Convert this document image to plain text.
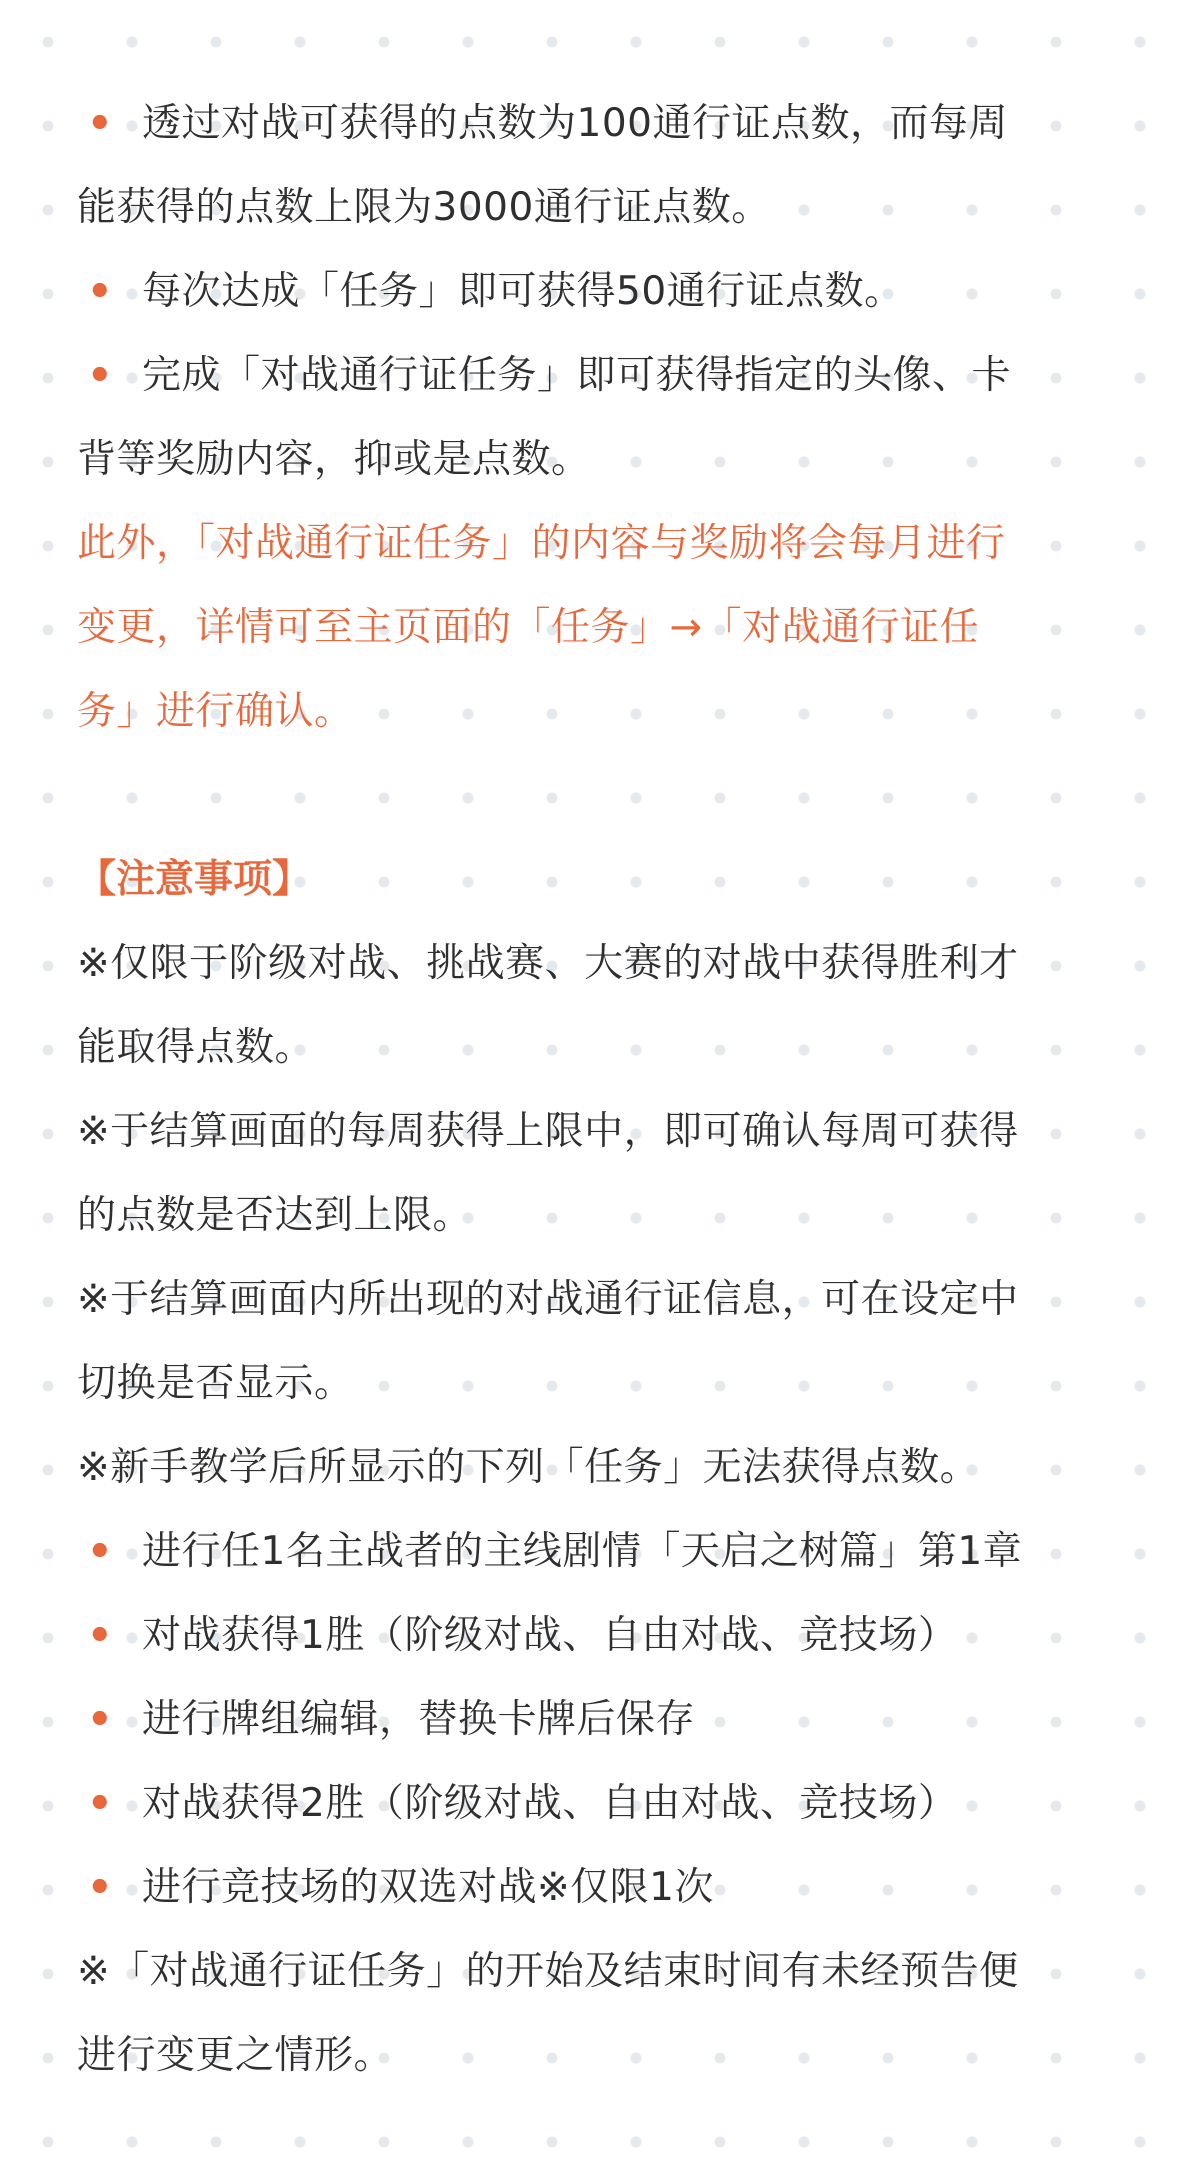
• 透过对战可获得的点数为100通行证点数，而每周
能获得的点数上限为3000通行证点数。
• 每次达成「任务」即可获得50通行证点数。
• 完成「对战通行证任务」即可获得指定的头像、卡
背等奖励内容，抑或是点数。
此外，「对战通行证任务」的内容与奖励将会每月进行
变更，详情可至主页面的「任务」→「对战通行证任
务」进行确认。
【注意事项】
※仅限于阶级对战、挑战赛、大赛的对战中获得胜利才
能取得点数。
※于结算画面的每周获得上限中，即可确认每周可获得
的点数是否达到上限。
※于结算画面内所出现的对战通行证信息，可在设定中
切换是否显示。
※新手教学后所显示的下列「任务」无法获得点数。
• 进行任1名主战者的主线剧情「天启之树篇」第1章
• 对战获得1胜（阶级对战、自由对战、竞技场）
• 进行牌组编辑，替换卡牌后保存
• 对战获得2胜（阶级对战、自由对战、竞技场）
• 进行竞技场的双选对战※仅限1次
※「对战通行证任务」的开始及结束时间有未经预告便
进行变更之情形。
